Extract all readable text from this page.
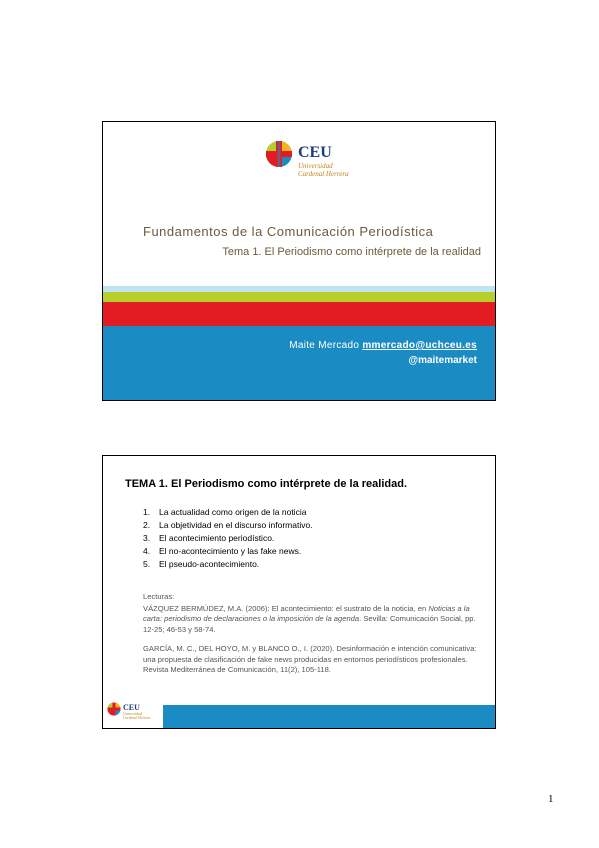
CEU
Universidad
Cardenal Herrera
Fundamentos de la Comunicación Periodística
Tema 1. El Periodismo como intérprete de la realidad
Maite Mercado mmercado@uchceu.es
@maitemarket
TEMA 1. El Periodismo como intérprete de la realidad.
1.	La actualidad como origen de la noticia
2.	La objetividad en el discurso informativo.
3.	El acontecimiento periodístico.
4.	El no-acontecimiento y las fake news.
5.	El pseudo-acontecimiento.
Lecturas:

VÁZQUEZ BERMÚDEZ, M.A. (2006): El acontecimiento: el sustrato de la noticia, en Noticias a la carta: periodismo de declaraciones o la imposición de la agenda. Sevilla: Comunicación Social, pp. 12-25; 46-53 y 58-74.

GARCÍA, M. C., DEL HOYO, M. y BLANCO O., I. (2020). Desinformación e intención comunicativa: una propuesta de clasificación de fake news producidas en entornos periodísticos profesionales. Revista Mediterránea de Comunicación, 11(2), 105-118.

CEU
Universidad
Cardenal Herrera
1
